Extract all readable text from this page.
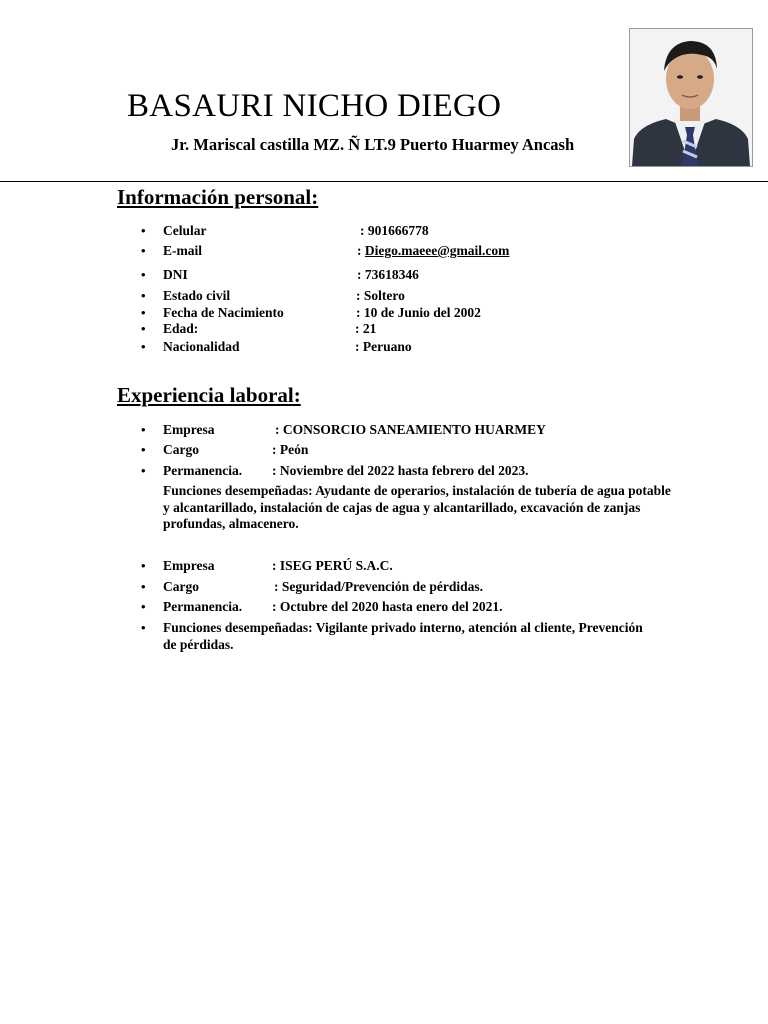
BASAURI NICHO DIEGO
Jr. Mariscal castilla MZ. Ñ LT.9 Puerto Huarmey Ancash
Información personal:
• Celular	: 901666778
• E-mail	: Diego.maeee@gmail.com
• DNI	: 73618346
• Estado civil	: Soltero
• Fecha de Nacimiento	: 10 de Junio del 2002
• Edad:	: 21
• Nacionalidad	: Peruano
Experiencia laboral:
• Empresa	: CONSORCIO SANEAMIENTO HUARMEY
• Cargo	: Peón
• Permanencia. : Noviembre del 2022 hasta febrero del 2023.
Funciones desempeñadas: Ayudante de operarios, instalación de tubería de agua potable y alcantarillado, instalación de cajas de agua y alcantarillado, excavación de zanjas profundas, almacenero.
• Empresa	: ISEG PERÚ S.A.C.
• Cargo	: Seguridad/Prevención de pérdidas.
• Permanencia. : Octubre del 2020 hasta enero del 2021.
• Funciones desempeñadas: Vigilante privado interno, atención al cliente, Prevención de pérdidas.
